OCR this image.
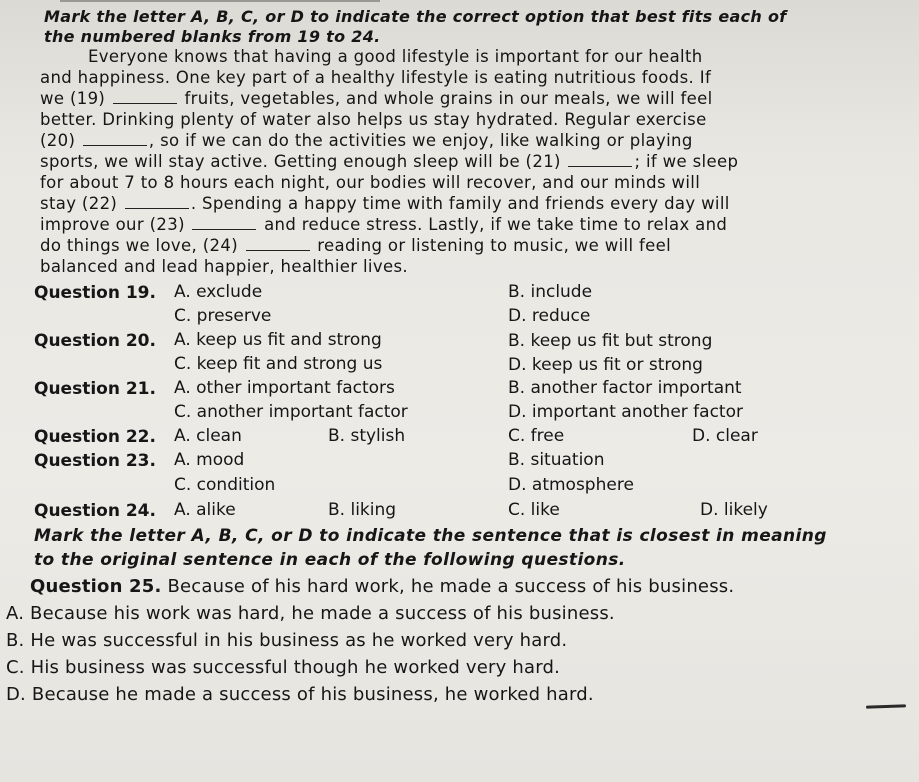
Mark the letter A, B, C, or D to indicate the correct option that best fits each of
the numbered blanks from 19 to 24.
Everyone knows that having a good lifestyle is important for our health
and happiness. One key part of a healthy lifestyle is eating nutritious foods. If
we (19)	fruits, vegetables, and whole grains in our meals, we will feel
better. Drinking plenty of water also helps us stay hydrated. Regular exercise
(20)	, so if we can do the activities we enjoy, like walking or playing
sports, we will stay active. Getting enough sleep will be (21)	; if we sleep
for about 7 to 8 hours each night, our bodies will recover, and our minds will
stay (22)	. Spending a happy time with family and friends every day will
improve our (23)	and reduce stress. Lastly, if we take time to relax and
do things we love, (24)	reading or listening to music, we will feel
balanced and lead happier, healthier lives.
Question 19. A. exclude	B. include
C. preserve	D. reduce
Question 20. A. keep us fit and strong	B. keep us fit but strong
C. keep fit and strong us	D. keep us fit or strong
Question 21. A. other important factors	B. another factor important
C. another important factor	D. important another factor
Question 22. A. clean	B. stylish	C. free	D. clear
Question 23. A. mood	B. situation
C. condition	D. atmosphere
Question 24. A. alike	B. liking	C. like	D. likely
Mark the letter A, B, C, or D to indicate the sentence that is closest in meaning
to the original sentence in each of the following questions.
Question 25. Because of his hard work, he made a success of his business.
A. Because his work was hard, he made a success of his business.
B. He was successful in his business as he worked very hard.
C. His business was successful though he worked very hard.
D. Because he made a success of his business, he worked hard.
